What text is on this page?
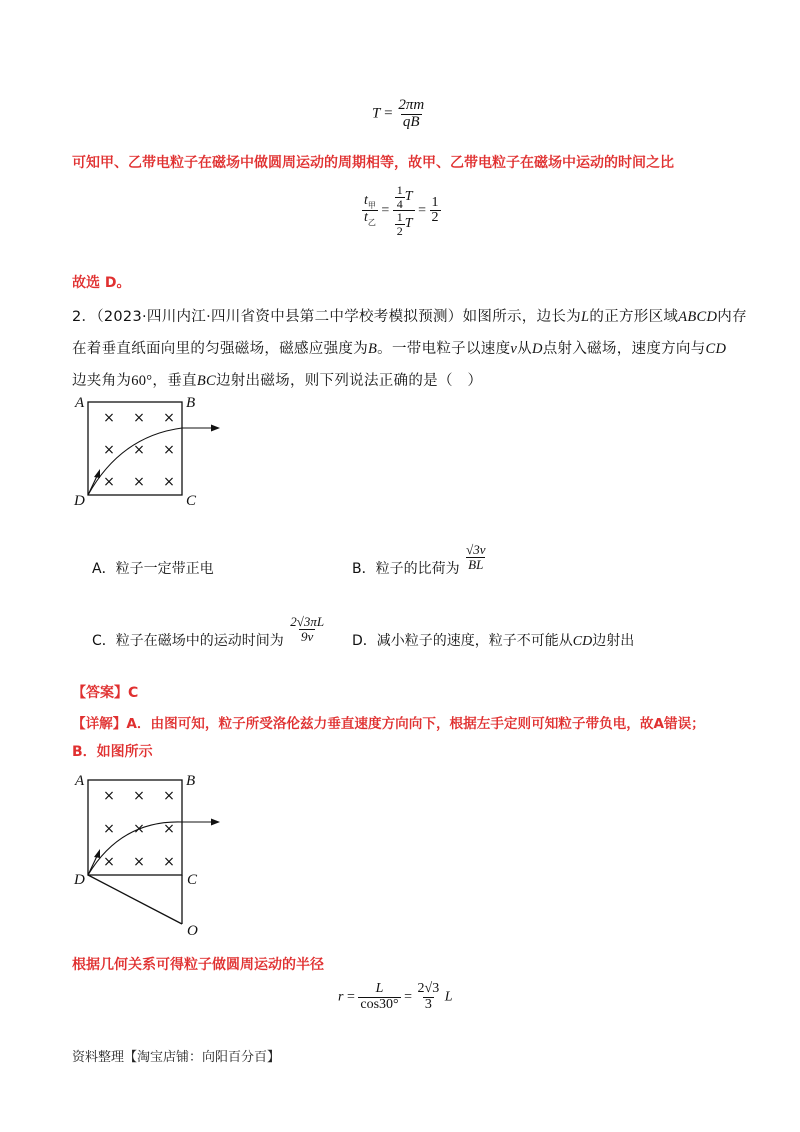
$T = \frac{2\pi m}{qB}$
可知甲、乙带电粒子在磁场中做圆周运动的周期相等，故甲、乙带电粒子在磁场中运动的时间之比
$\frac{t_甲}{t_乙} = \frac{\frac{1}{4} T}{\frac{1}{2} T} = \frac{1}{2}$
故选 D。
2．（2023·四川内江·四川省资中县第二中学校考模拟预测）如图所示，边长为L的正方形区域ABCD内存
在着垂直纸面向里的匀强磁场，磁感应强度为B。一带电粒子以速度v从D点射入磁场，速度方向与CD
边夹角为60°，垂直BC边射出磁场，则下列说法正确的是（　）
× × ×
× × ×
× × ×
A	B
C
D
A．粒子一定带正电	B．粒子的比荷为 $\frac{√3v}{BL}$
C．粒子在磁场中的运动时间为 $\frac{2√3\pi L}{9v}$ D．减小粒子的速度，粒子不可能从CD边射出
【答案】C
【详解】A．由图可知，粒子所受洛伦兹力垂直速度方向向下，根据左手定则可知粒子带负电，故A错误；
B．如图所示
× × ×
× × ×
× × ×
A	B
C
D
O
根据几何关系可得粒子做圆周运动的半径
$r = \frac{L}{\cos 30^\circ} = \frac{2√3}{3}$ L
资料整理【淘宝店铺：向阳百分百】
